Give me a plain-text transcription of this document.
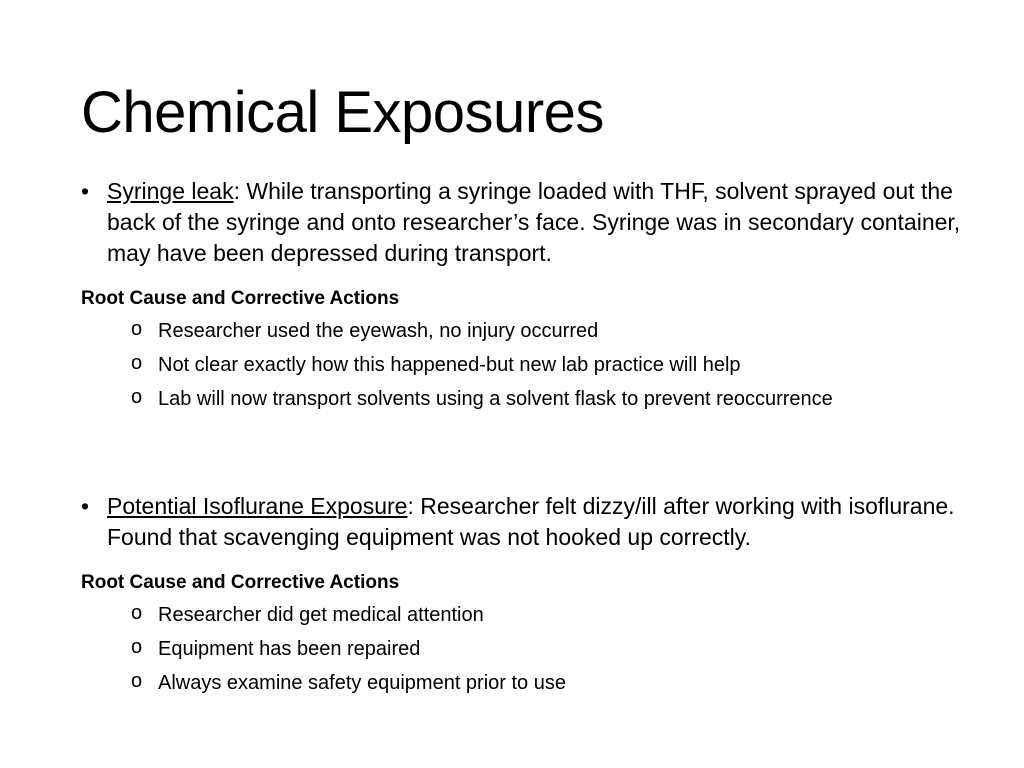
Chemical Exposures
• Syringe leak: While transporting a syringe loaded with THF, solvent sprayed out the back of the syringe and onto researcher’s face. Syringe was in secondary container, may have been depressed during transport.
Root Cause and Corrective Actions
o Researcher used the eyewash, no injury occurred
o Not clear exactly how this happened-but new lab practice will help
o Lab will now transport solvents using a solvent flask to prevent reoccurrence
• Potential Isoflurane Exposure: Researcher felt dizzy/ill after working with isoflurane. Found that scavenging equipment was not hooked up correctly.
Root Cause and Corrective Actions
o Researcher did get medical attention
o Equipment has been repaired
o Always examine safety equipment prior to use
